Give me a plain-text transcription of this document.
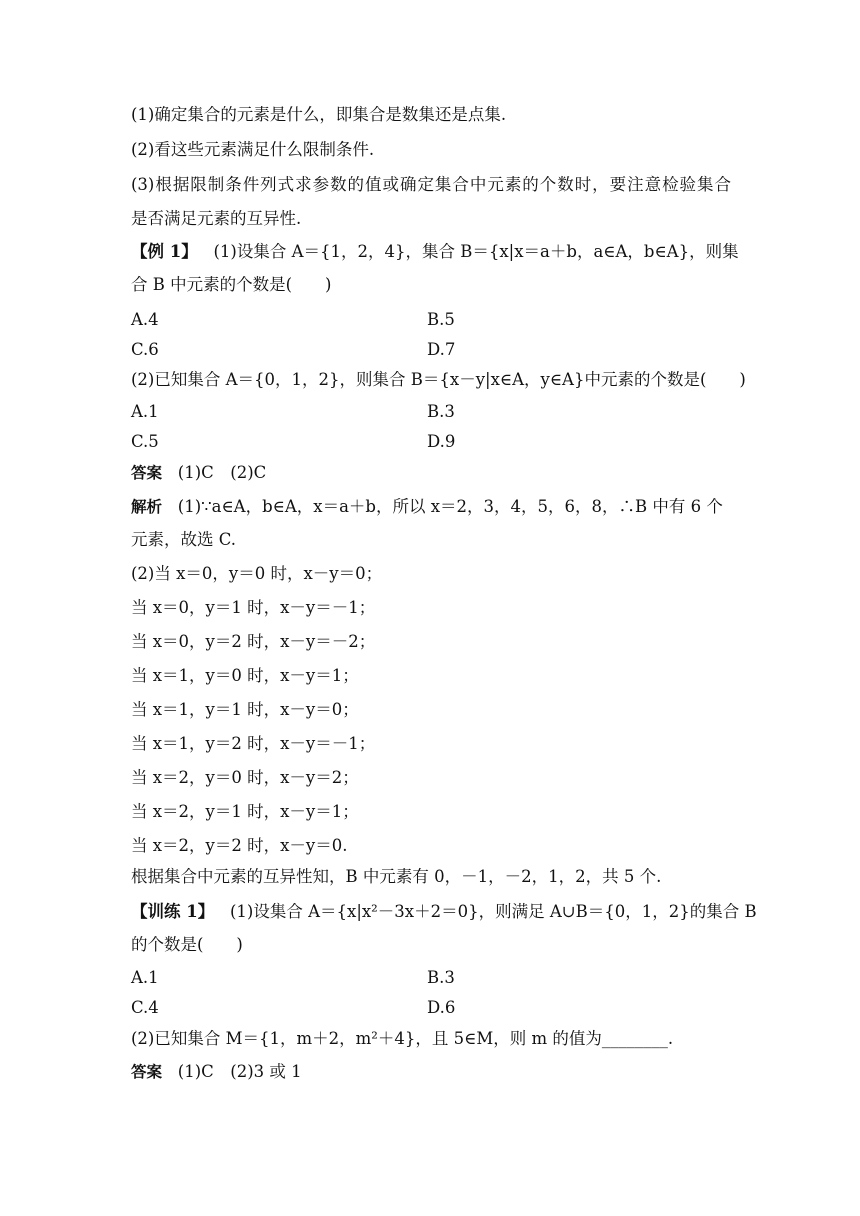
(1)确定集合的元素是什么，即集合是数集还是点集.
(2)看这些元素满足什么限制条件.
(3)根据限制条件列式求参数的值或确定集合中元素的个数时，要注意检验集合
是否满足元素的互异性.
【例 1】 (1)设集合 A＝{1，2，4}，集合 B＝{x|x＝a＋b，a∈A，b∈A}，则集
合 B 中元素的个数是(　　)
A.4	B.5
C.6	D.7
(2)已知集合 A＝{0，1，2}，则集合 B＝{x－y|x∈A，y∈A}中元素的个数是(　　)
A.1	B.3
C.5	D.9
答案 (1)C　(2)C
解析 (1)∵a∈A，b∈A，x＝a＋b，所以 x＝2，3，4，5，6，8，∴B 中有 6 个
元素，故选 C.
(2)当 x＝0，y＝0 时，x－y＝0；
当 x＝0，y＝1 时，x－y＝－1；
当 x＝0，y＝2 时，x－y＝－2；
当 x＝1，y＝0 时，x－y＝1；
当 x＝1，y＝1 时，x－y＝0；
当 x＝1，y＝2 时，x－y＝－1；
当 x＝2，y＝0 时，x－y＝2；
当 x＝2，y＝1 时，x－y＝1；
当 x＝2，y＝2 时，x－y＝0.
根据集合中元素的互异性知，B 中元素有 0，－1，－2，1，2，共 5 个.
【训练 1】 (1)设集合 A＝{x|x²－3x＋2＝0}，则满足 A∪B＝{0，1，2}的集合 B
的个数是(　　)
A.1	B.3
C.4	D.6
(2)已知集合 M＝{1，m＋2，m²＋4}，且 5∈M，则 m 的值为________.
答案 (1)C　(2)3 或 1
